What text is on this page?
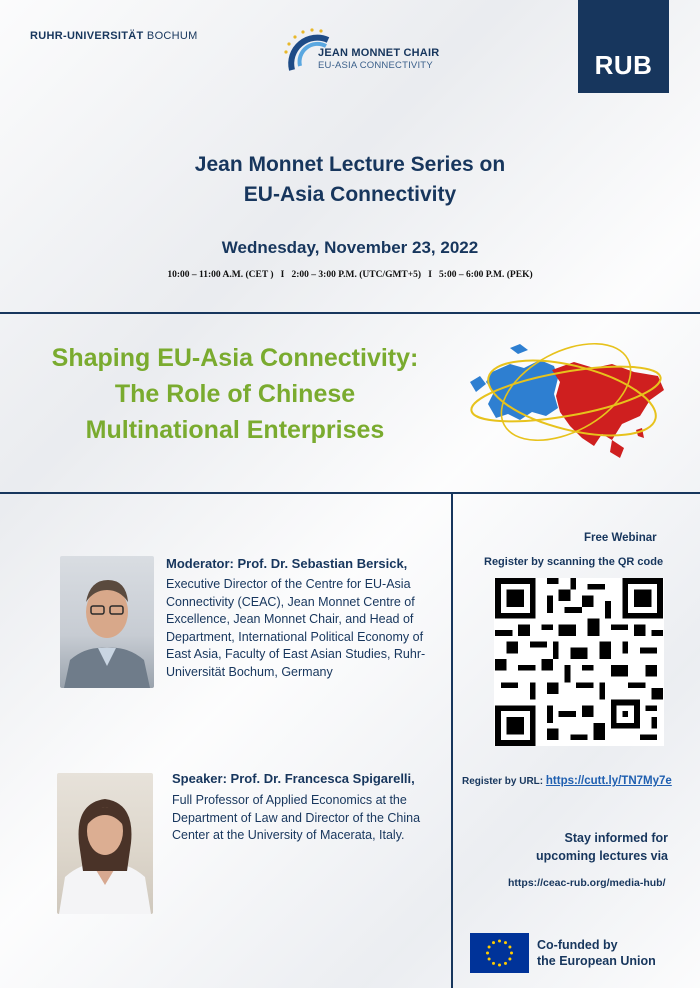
RUHR-UNIVERSITÄT BOCHUM
RUB
JEAN MONNET CHAIR
EU-ASIA CONNECTIVITY
Jean Monnet Lecture Series on
EU-Asia Connectivity
Wednesday, November 23, 2022
10:00 – 11:00 A.M. (CET )   I   2:00 – 3:00 P.M. (UTC/GMT+5)   I   5:00 – 6:00 P.M. (PEK)
Shaping EU-Asia Connectivity:
The Role of Chinese
Multinational Enterprises
Moderator: Prof. Dr. Sebastian Bersick,
Executive Director of the Centre for EU-Asia Connectivity (CEAC), Jean Monnet Centre of Excellence, Jean Monnet Chair, and Head of Department, International Political Economy of East Asia, Faculty of East Asian Studies, Ruhr-Universität Bochum, Germany
Speaker: Prof. Dr. Francesca Spigarelli,
Full Professor of Applied Economics at the Department of Law and Director of the China Center at the University of Macerata, Italy.
Free Webinar
Register by scanning the QR code
Register by URL: https://cutt.ly/TN7My7e
Stay informed for
upcoming lectures via
https://ceac-rub.org/media-hub/
Co-funded by
the European Union
